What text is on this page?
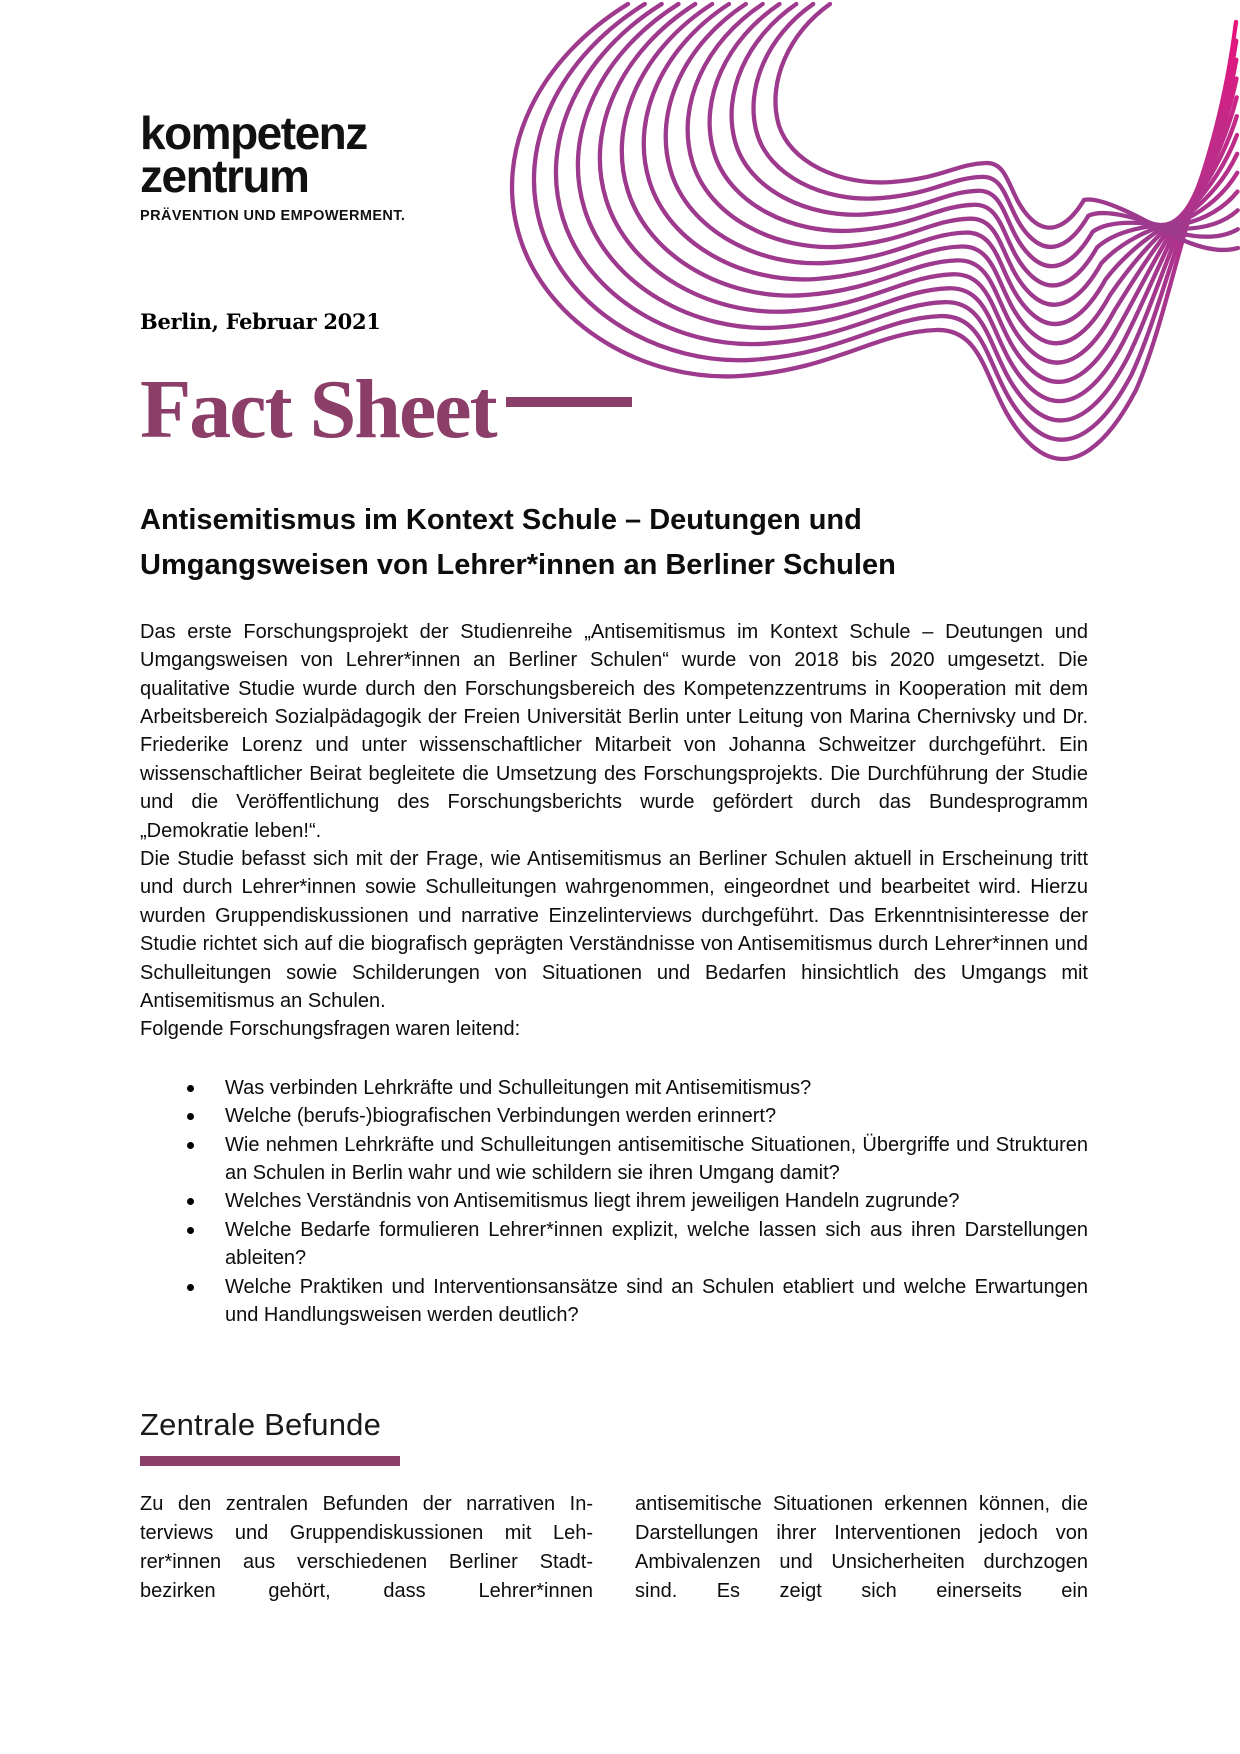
kompetenz
zentrum
PRÄVENTION UND EMPOWERMENT.

Berlin, Februar 2021

Fact Sheet
Antisemitismus im Kontext Schule – Deutungen und
Umgangsweisen von Lehrer*innen an Berliner Schulen

Das erste Forschungsprojekt der Studienreihe „Antisemitismus im Kontext Schule – Deutungen und Umgangsweisen von Lehrer*innen an Berliner Schulen“ wurde von 2018 bis 2020 umgesetzt. Die qualitative Studie wurde durch den Forschungsbereich des Kompetenzzentrums in Kooperation mit dem Arbeitsbereich Sozialpädagogik der Freien Universität Berlin unter Leitung von Marina Chernivsky und Dr. Friederike Lorenz und unter wissenschaftlicher Mitarbeit von Johanna Schweitzer durchgeführt. Ein wissenschaftlicher Beirat begleitete die Umsetzung des Forschungsprojekts. Die Durchführung der Studie und die Veröffentlichung des Forschungsberichts wurde gefördert durch das Bundesprogramm „Demokratie leben!“.

Die Studie befasst sich mit der Frage, wie Antisemitismus an Berliner Schulen aktuell in Erscheinung tritt und durch Lehrer*innen sowie Schulleitungen wahrgenommen, eingeordnet und bearbeitet wird. Hierzu wurden Gruppendiskussionen und narrative Einzelinterviews durchgeführt. Das Erkenntnisinteresse der Studie richtet sich auf die biografisch geprägten Verständnisse von Antisemitismus durch Lehrer*innen und Schulleitungen sowie Schilderungen von Situationen und Bedarfen hinsichtlich des Umgangs mit Antisemitismus an Schulen.

Folgende Forschungsfragen waren leitend:

Was verbinden Lehrkräfte und Schulleitungen mit Antisemitismus?
Welche (berufs-)biografischen Verbindungen werden erinnert?
Wie nehmen Lehrkräfte und Schulleitungen antisemitische Situationen, Übergriffe und Strukturen an Schulen in Berlin wahr und wie schildern sie ihren Umgang damit?
Welches Verständnis von Antisemitismus liegt ihrem jeweiligen Handeln zugrunde?
Welche Bedarfe formulieren Lehrer*innen explizit, welche lassen sich aus ihren Darstellungen ableiten?
Welche Praktiken und Interventionsansätze sind an Schulen etabliert und welche Erwartungen und Handlungsweisen werden deutlich?
Zentrale Befunde

Zu den zentralen Befunden der narrativen Interviews und Gruppendiskussionen mit Lehrer*innen aus verschiedenen Berliner Stadtbezirken gehört, dass Lehrer*innen

antisemitische Situationen erkennen können, die Darstellungen ihrer Interventionen jedoch von Ambivalenzen und Unsicherheiten durchzogen sind. Es zeigt sich einerseits ein
